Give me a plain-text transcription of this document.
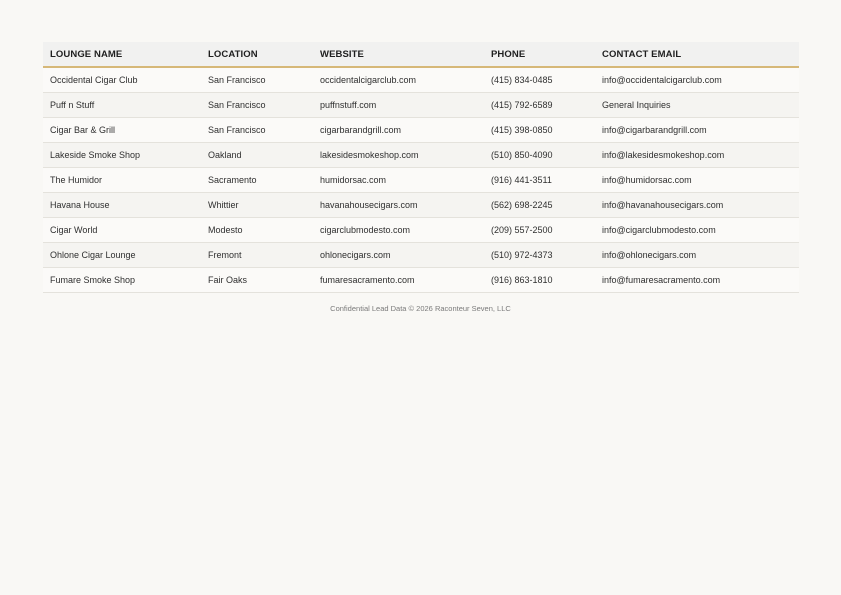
LOUNGE NAME	LOCATION	WEBSITE	PHONE	CONTACT EMAIL
Occidental Cigar Club	San Francisco	occidentalcigarclub.com	(415) 834-0485	info@occidentalcigarclub.com
Puff n Stuff	San Francisco	puffnstuff.com	(415) 792-6589	General Inquiries
Cigar Bar & Grill	San Francisco	cigarbarandgrill.com	(415) 398-0850	info@cigarbarandgrill.com
Lakeside Smoke Shop	Oakland	lakesidesmokeshop.com	(510) 850-4090	info@lakesidesmokeshop.com
The Humidor	Sacramento	humidorsac.com	(916) 441-3511	info@humidorsac.com
Havana House	Whittier	havanahousecigars.com	(562) 698-2245	info@havanahousecigars.com
Cigar World	Modesto	cigarclubmodesto.com	(209) 557-2500	info@cigarclubmodesto.com
Ohlone Cigar Lounge	Fremont	ohlonecigars.com	(510) 972-4373	info@ohlonecigars.com
Fumare Smoke Shop	Fair Oaks	fumaresacramento.com	(916) 863-1810	info@fumaresacramento.com
Confidential Lead Data © 2026 Raconteur Seven, LLC
